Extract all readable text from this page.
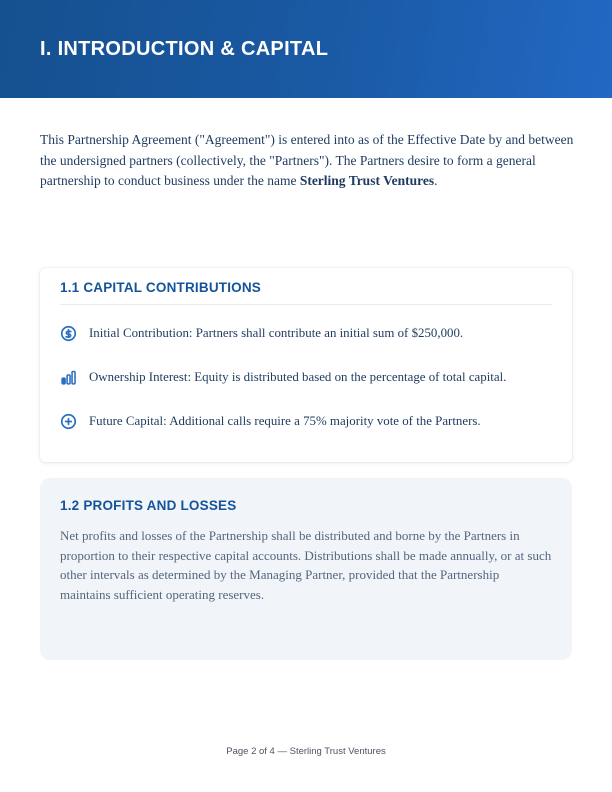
I. INTRODUCTION & CAPITAL

This Partnership Agreement ("Agreement") is entered into as of the Effective Date by and between the undersigned partners (collectively, the "Partners"). The Partners desire to form a general partnership to conduct business under the name Sterling Trust Ventures.

1.1 CAPITAL CONTRIBUTIONS
Initial Contribution: Partners shall contribute an initial sum of $250,000.
Ownership Interest: Equity is distributed based on the percentage of total capital.
Future Capital: Additional calls require a 75% majority vote of the Partners.
1.2 PROFITS AND LOSSES

Net profits and losses of the Partnership shall be distributed and borne by the Partners in proportion to their respective capital accounts. Distributions shall be made annually, or at such other intervals as determined by the Managing Partner, provided that the Partnership maintains sufficient operating reserves.

Page 2 of 4 — Sterling Trust Ventures
